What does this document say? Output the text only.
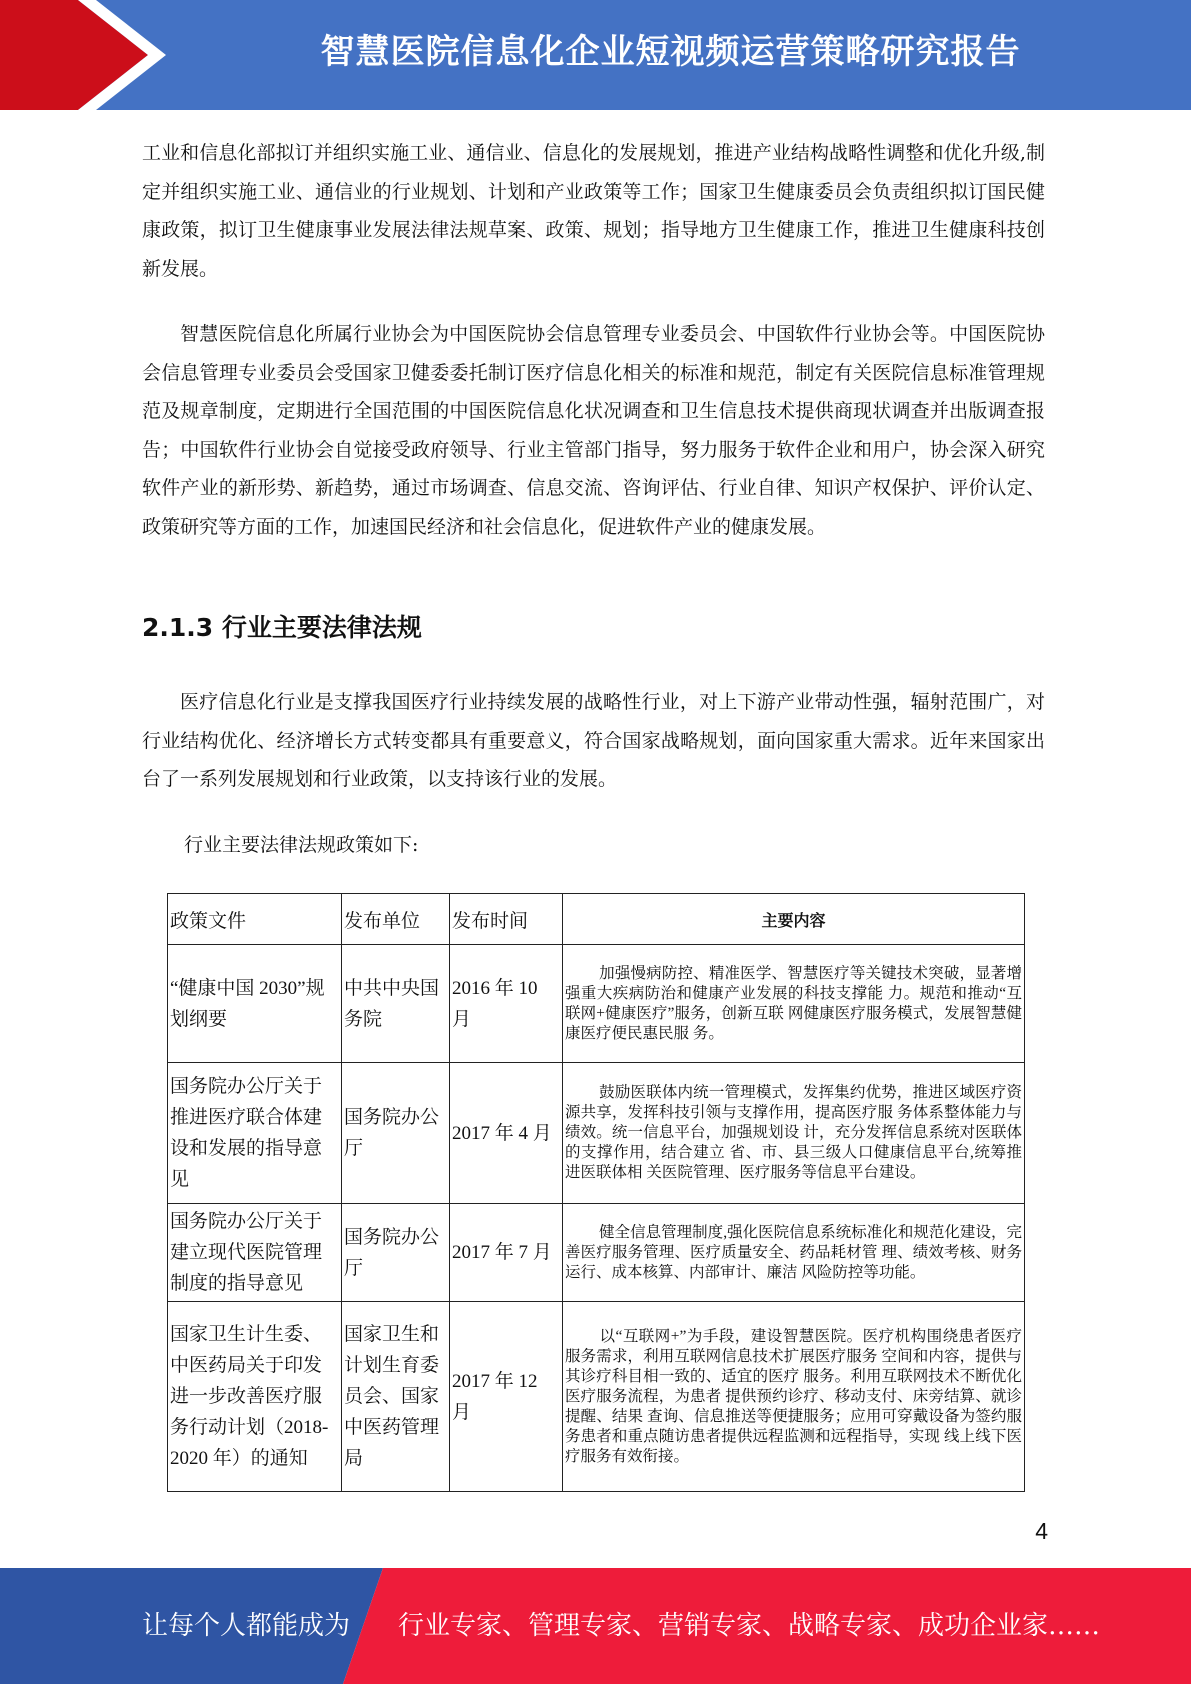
智慧医院信息化企业短视频运营策略研究报告

工业和信息化部拟订并组织实施工业、通信业、信息化的发展规划，推进产业结构战略性调整和优化升级,制定并组织实施工业、通信业的行业规划、计划和产业政策等工作；国家卫生健康委员会负责组织拟订国民健康政策，拟订卫生健康事业发展法律法规草案、政策、规划；指导地方卫生健康工作，推进卫生健康科技创新发展。

智慧医院信息化所属行业协会为中国医院协会信息管理专业委员会、中国软件行业协会等。中国医院协会信息管理专业委员会受国家卫健委委托制订医疗信息化相关的标准和规范，制定有关医院信息标准管理规范及规章制度，定期进行全国范围的中国医院信息化状况调查和卫生信息技术提供商现状调查并出版调查报告；中国软件行业协会自觉接受政府领导、行业主管部门指导，努力服务于软件企业和用户，协会深入研究软件产业的新形势、新趋势，通过市场调查、信息交流、咨询评估、行业自律、知识产权保护、评价认定、政策研究等方面的工作，加速国民经济和社会信息化，促进软件产业的健康发展。

2.1.3 行业主要法律法规

医疗信息化行业是支撑我国医疗行业持续发展的战略性行业，对上下游产业带动性强，辐射范围广，对行业结构优化、经济增长方式转变都具有重要意义，符合国家战略规划，面向国家重大需求。近年来国家出台了一系列发展规划和行业政策，以支持该行业的发展。

行业主要法律法规政策如下:

政策文件	发布单位	发布时间	主要内容
“健康中国 2030”规划纲要	中共中央国务院	2016 年 10 月	加强慢病防控、精准医学、智慧医疗等关键技术突破，显著增强重大疾病防治和健康产业发展的科技支撑能 力。规范和推动“互联网+健康医疗”服务，创新互联 网健康医疗服务模式，发展智慧健康医疗便民惠民服 务。
国务院办公厅关于推进医疗联合体建设和发展的指导意见	国务院办公厅	2017 年 4 月	鼓励医联体内统一管理模式，发挥集约优势，推进区域医疗资源共享，发挥科技引领与支撑作用，提高医疗服 务体系整体能力与绩效。统一信息平台，加强规划设 计，充分发挥信息系统对医联体的支撑作用，结合建立 省、市、县三级人口健康信息平台,统筹推进医联体相 关医院管理、医疗服务等信息平台建设。
国务院办公厅关于建立现代医院管理制度的指导意见	国务院办公厅	2017 年 7 月	健全信息管理制度,强化医院信息系统标准化和规范化建设，完善医疗服务管理、医疗质量安全、药品耗材管 理、绩效考核、财务运行、成本核算、内部审计、廉洁 风险防控等功能。
国家卫生计生委、中医药局关于印发进一步改善医疗服务行动计划（2018-2020 年）的通知	国家卫生和计划生育委员会、国家中医药管理局	2017 年 12 月	以“互联网+”为手段，建设智慧医院。医疗机构围绕患者医疗服务需求，利用互联网信息技术扩展医疗服务 空间和内容，提供与其诊疗科目相一致的、适宜的医疗 服务。利用互联网技术不断优化医疗服务流程，为患者 提供预约诊疗、移动支付、床旁结算、就诊提醒、结果 查询、信息推送等便捷服务；应用可穿戴设备为签约服 务患者和重点随访患者提供远程监测和远程指导，实现 线上线下医疗服务有效衔接。
4
让每个人都能成为 行业专家、管理专家、营销专家、战略专家、成功企业家……
